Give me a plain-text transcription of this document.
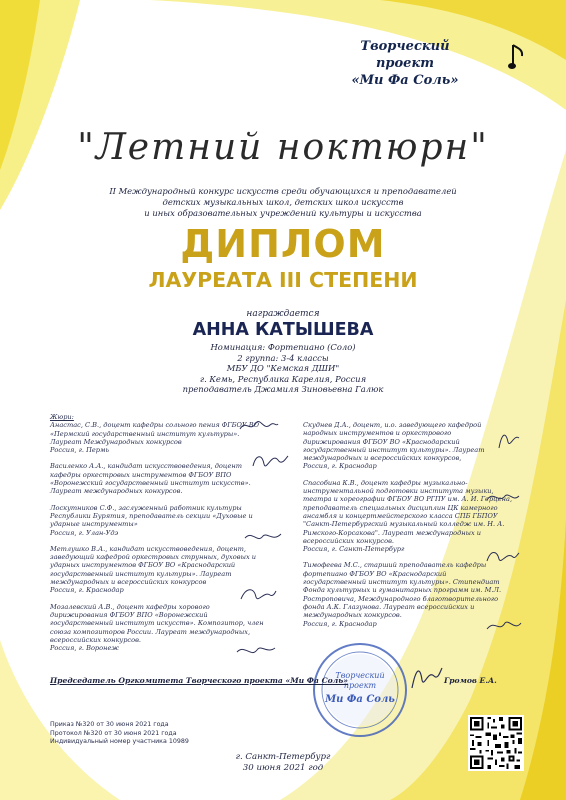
Творческий проект
«Ми Фа Соль»
"Летний ноктюрн"
II Международный конкурс искусств среди обучающихся и преподавателей
детских музыкальных школ, детских школ искусств
и иных образовательных учреждений культуры и искусства
ДИПЛОМ
ЛАУРЕАТА III СТЕПЕНИ
награждается
АННА КАТЫШЕВА
Номинация: Фортепиано (Соло)
2 группа: 3-4 классы
МБУ ДО "Кемская ДШИ"
г. Кемь, Республика Карелия, Россия
преподаватель Джамиля Зиновьевна Галюк
Жюри:

Анастас, С.В., доцент кафедры сольного пения ФГБОУ ВО
«Пермский государственный институт культуры».
Лауреат Международных конкурсов
Россия, г. Пермь

Василенко А.А., кандидат искусствоведения, доцент
кафедры оркестровых инструментов ФГБОУ ВПО
«Воронежский государственный институт искусств».
Лауреат международных конкурсов.

Лоскутников С.Ф., заслуженный работник культуры
Республики Бурятия, преподаватель секции «Духовые и
ударные инструменты»
Россия, г. Улан-Удэ

Метлушко В.А., кандидат искусствоведения, доцент,
заведующий кафедрой оркестровых струнных, духовых и
ударных инструментов ФГБОУ ВО «Краснодарский
государственный институт культуры». Лауреат
международных и всероссийских конкурсов
Россия, г. Краснодар

Мозалевский А.В., доцент кафедры хорового
дирижирования ФГБОУ ВПО «Воронежский
государственный институт искусств». Композитор, член
союза композиторов России. Лауреат международных,
всероссийских конкурсов.
Россия, г. Воронеж

Скуднев Д.А., доцент, и.о. заведующего кафедрой
народных инструментов и оркестрового
дирижирования ФГБОУ ВО «Краснодарский
государственный институт культуры». Лауреат
международных и всероссийских конкурсов,
Россия, г. Краснодар

Спасобина К.В., доцент кафедры музыкально-
инструментальной подготовки института музыки,
театра и хореографии ФГБОУ ВО РГПУ им. А. И. Герцена,
преподаватель специальных дисциплин ЦК камерного
ансамбля и концертмейстерского класса СПБ ГБПОУ
"Санкт-Петербургский музыкальный колледж им. Н. А.
Римского-Корсакова". Лауреат международных и
всероссийских конкурсов.
Россия, г. Санкт-Петербург

Тимофеева М.С., старший преподаватель кафедры
фортепиано ФГБОУ ВО «Краснодарский
государственный институт культуры». Стипендиат
Фонда культурных и гуманитарных программ им. М.Л.
Ростроповича, Международного благотворительного
фонда А.К. Глазунова. Лауреат всероссийских и
международных конкурсов.
Россия, г. Краснодар

Творческий
проект
Ми Фа Соль
Председатель Оргкомитета Творческого проекта «Ми Фа Соль»	Громов Е.А.
Приказ №320 от 30 июня 2021 года
Протокол №320 от 30 июня 2021 года
Индивидуальный номер участника 10989
г. Санкт-Петербург
30 июня 2021 год
